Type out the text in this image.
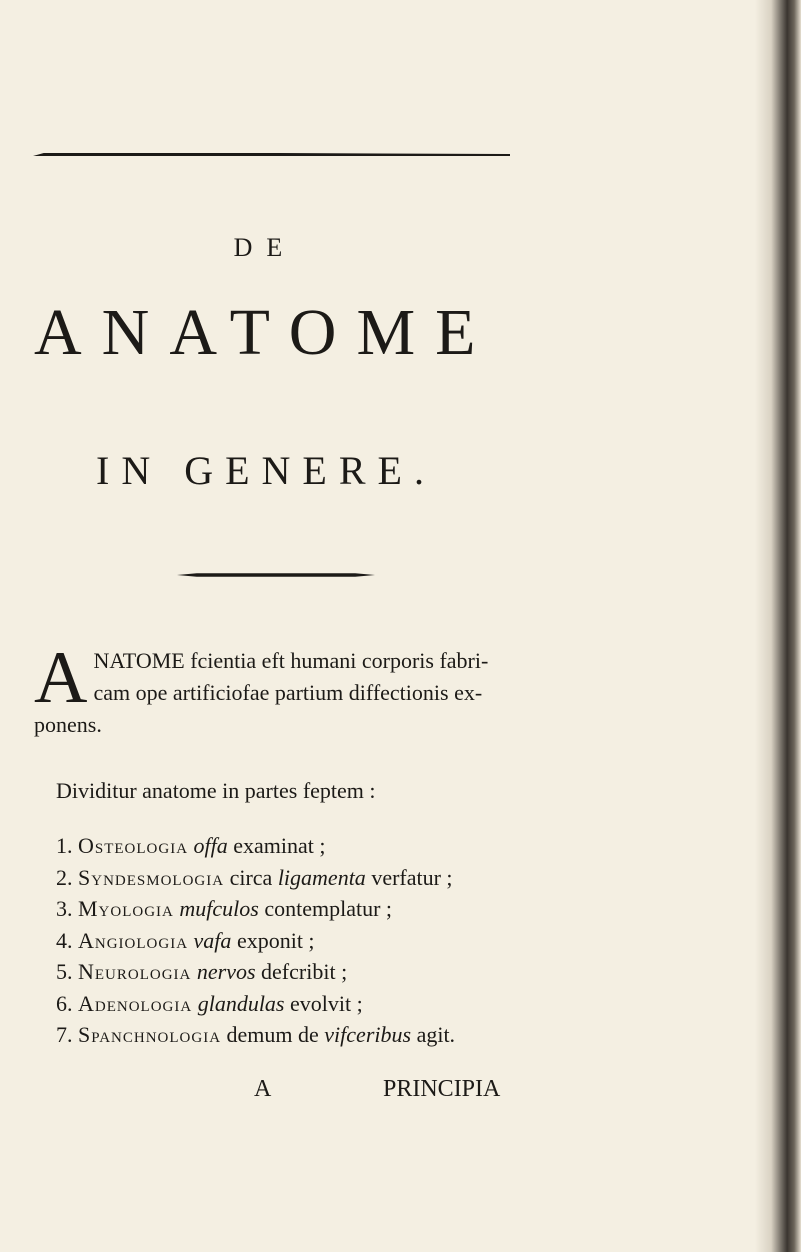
DE
ANATOME
IN GENERE.
A NATOME fcientia eft humani corporis fabri-
cam ope artificiofae partium diffectionis ex-
ponens.
Dividitur anatome in partes feptem :
1. Osteologia offa examinat ;
2. Syndesmologia circa ligamenta verfatur ;
3. Myologia mufculos contemplatur ;
4. Angiologia vafa exponit ;
5. Neurologia nervos defcribit ;
6. Adenologia glandulas evolvit ;
7. Spanchnologia demum de vifceribus agit.
A	PRINCIPIA
